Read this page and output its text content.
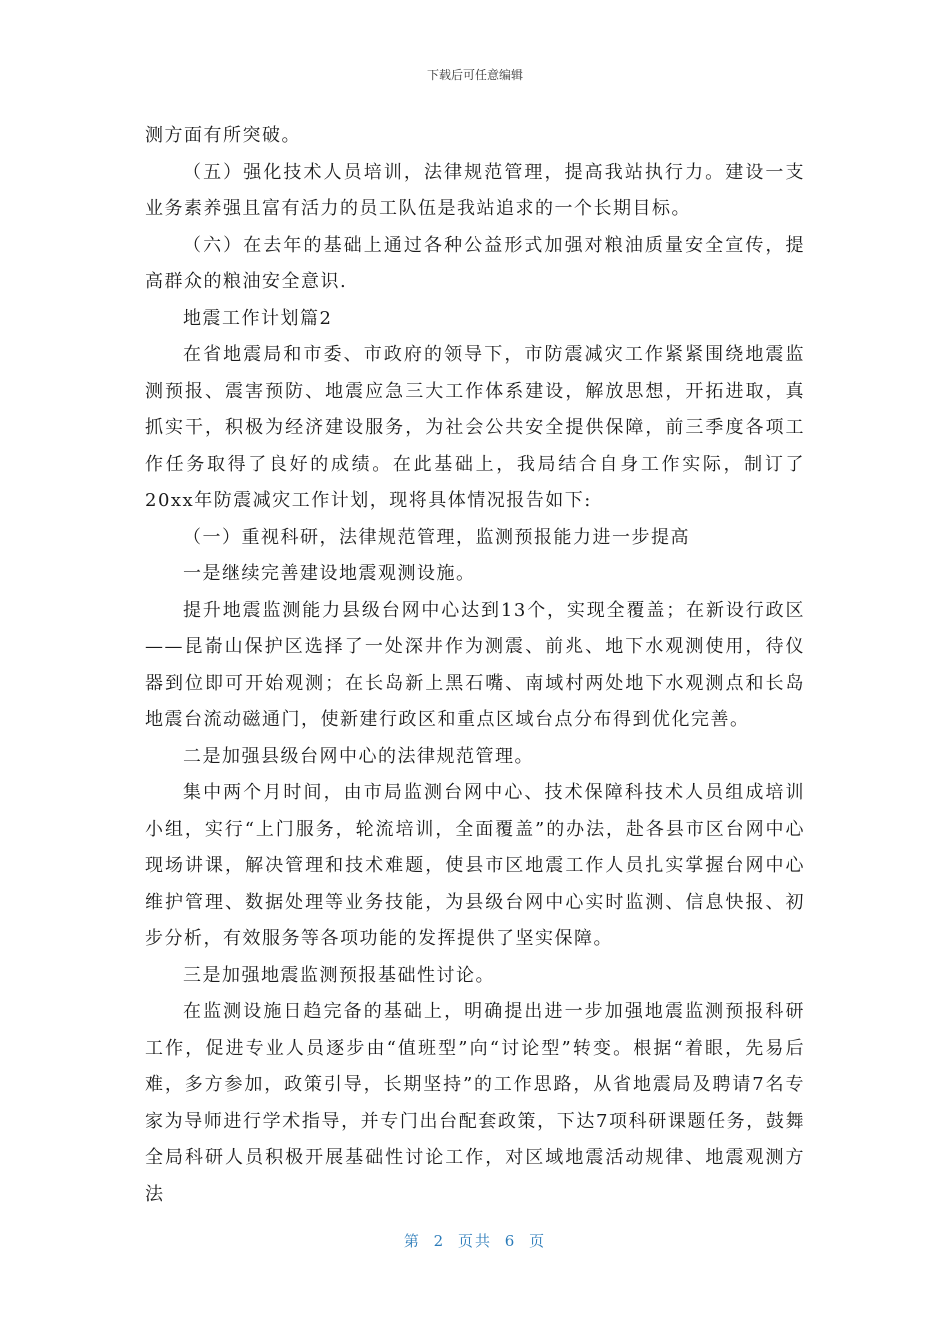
下载后可任意编辑

测方面有所突破。

（五）强化技术人员培训，法律规范管理，提高我站执行力。建设一支业务素养强且富有活力的员工队伍是我站追求的一个长期目标。

（六）在去年的基础上通过各种公益形式加强对粮油质量安全宣传，提高群众的粮油安全意识.

地震工作计划篇2

在省地震局和市委、市政府的领导下，市防震减灾工作紧紧围绕地震监测预报、震害预防、地震应急三大工作体系建设，解放思想，开拓进取，真抓实干，积极为经济建设服务，为社会公共安全提供保障，前三季度各项工作任务取得了良好的成绩。在此基础上，我局结合自身工作实际，制订了20xx年防震减灾工作计划，现将具体情况报告如下:

（一）重视科研，法律规范管理，监测预报能力进一步提高

一是继续完善建设地震观测设施。

提升地震监测能力县级台网中心达到13个，实现全覆盖；在新设行政区——昆嵛山保护区选择了一处深井作为测震、前兆、地下水观测使用，待仪器到位即可开始观测；在长岛新上黑石嘴、南域村两处地下水观测点和长岛地震台流动磁通门，使新建行政区和重点区域台点分布得到优化完善。

二是加强县级台网中心的法律规范管理。

集中两个月时间，由市局监测台网中心、技术保障科技术人员组成培训小组，实行“上门服务，轮流培训，全面覆盖”的办法，赴各县市区台网中心现场讲课，解决管理和技术难题，使县市区地震工作人员扎实掌握台网中心维护管理、数据处理等业务技能，为县级台网中心实时监测、信息快报、初步分析，有效服务等各项功能的发挥提供了坚实保障。

三是加强地震监测预报基础性讨论。

在监测设施日趋完备的基础上，明确提出进一步加强地震监测预报科研工作，促进专业人员逐步由“值班型”向“讨论型”转变。根据“着眼，先易后难，多方参加，政策引导，长期坚持”的工作思路，从省地震局及聘请7名专家为导师进行学术指导，并专门出台配套政策，下达7项科研课题任务，鼓舞全局科研人员积极开展基础性讨论工作，对区域地震活动规律、地震观测方法

第 2 页共 6 页
